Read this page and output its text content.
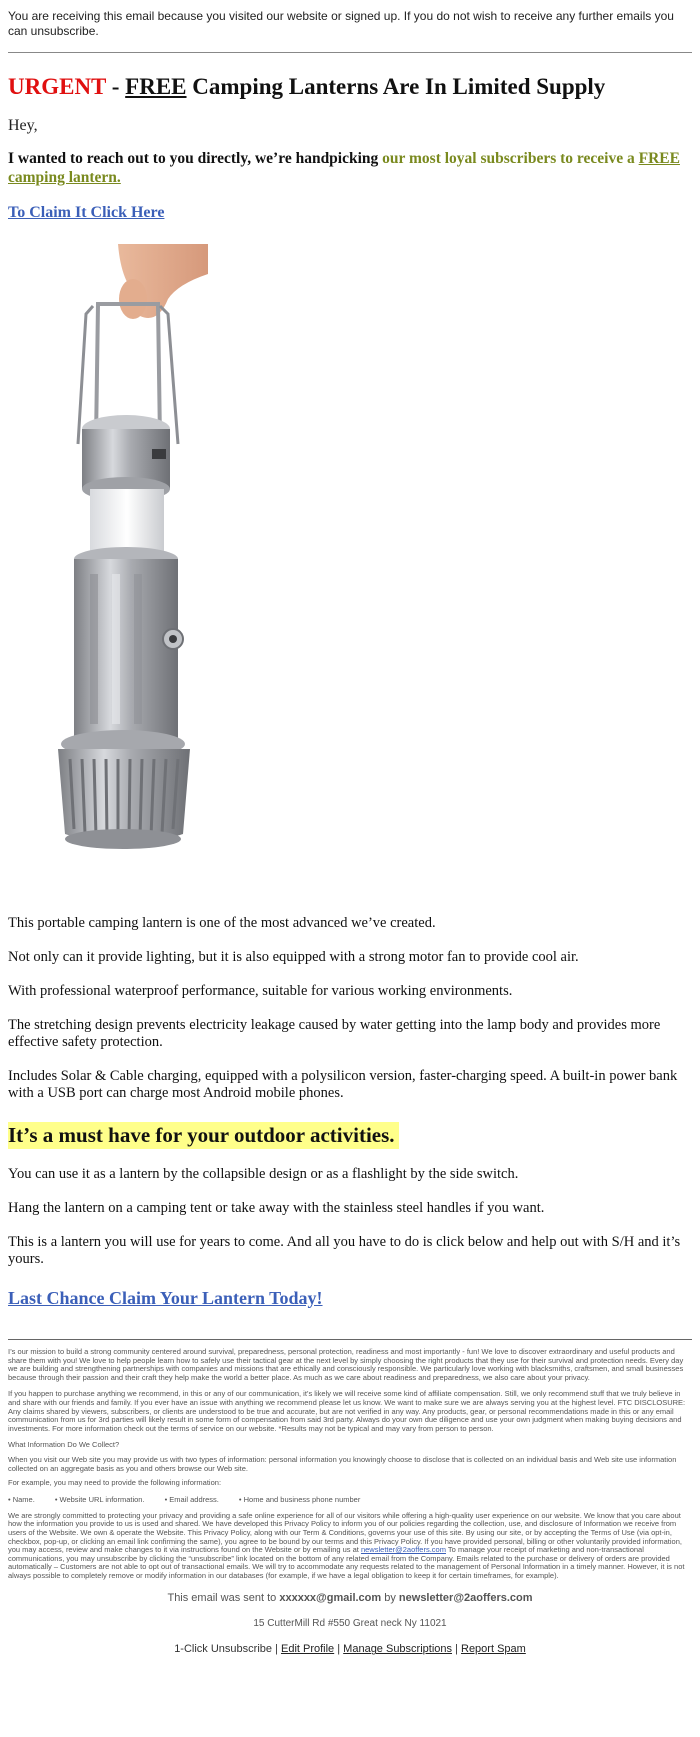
You are receiving this email because you visited our website or signed up. If you do not wish to receive any further emails you can unsubscribe.
URGENT - FREE Camping Lanterns Are In Limited Supply
Hey,
I wanted to reach out to you directly, we’re handpicking our most loyal subscribers to receive a FREE camping lantern.
To Claim It Click Here
This portable camping lantern is one of the most advanced we’ve created.
Not only can it provide lighting, but it is also equipped with a strong motor fan to provide cool air.
With professional waterproof performance, suitable for various working environments.
The stretching design prevents electricity leakage caused by water getting into the lamp body and provides more effective safety protection.
Includes Solar & Cable charging, equipped with a polysilicon version, faster-charging speed. A built-in power bank with a USB port can charge most Android mobile phones.
It’s a must have for your outdoor activities.
You can use it as a lantern by the collapsible design or as a flashlight by the side switch.
Hang the lantern on a camping tent or take away with the stainless steel handles if you want.
This is a lantern you will use for years to come. And all you have to do is click below and help out with S/H and it’s yours.
Last Chance Claim Your Lantern Today!
I’s our mission to build a strong community centered around survival, preparedness, personal protection, readiness and most importantly - fun! We love to discover extraordinary and useful products and share them with you! We love to help people learn how to safely use their tactical gear at the next level by simply choosing the right products that they use for their survival and protection needs. Every day we are building and strengthening partnerships with companies and missions that are ethically and consciously responsible. We particularly love working with blacksmiths, craftsmen, and small businesses because through their passion and their craft they help make the world a better place. As much as we care about readiness and preparedness, we also care about your privacy.
If you happen to purchase anything we recommend, in this or any of our communication, it’s likely we will receive some kind of affiliate compensation. Still, we only recommend stuff that we truly believe in and share with our friends and family. If you ever have an issue with anything we recommend please let us know. We want to make sure we are always serving you at the highest level. FTC DISCLOSURE: Any claims shared by viewers, subscribers, or clients are understood to be true and accurate, but are not verified in any way. Any products, gear, or personal recommendations made in this or any email communication from us for 3rd parties will likely result in some form of compensation from said 3rd party. Always do your own due diligence and use your own judgment when making buying decisions and investments. For more information check out the terms of service on our website. *Results may not be typical and may vary from person to person.
What Information Do We Collect?
When you visit our Web site you may provide us with two types of information: personal information you knowingly choose to disclose that is collected on an individual basis and Web site use information collected on an aggregate basis as you and others browse our Web site.
For example, you may need to provide the following information:
• Name.	• Website URL information.	• Email address.	• Home and business phone number
We are strongly committed to protecting your privacy and providing a safe online experience for all of our visitors while offering a high-quality user experience on our website. We know that you care about how the information you provide to us is used and shared. We have developed this Privacy Policy to inform you of our policies regarding the collection, use, and disclosure of Information we receive from users of the Website. We own & operate the Website. This Privacy Policy, along with our Term & Conditions, governs your use of this site. By using our site, or by accepting the Terms of Use (via opt-in, checkbox, pop-up, or clicking an email link confirming the same), you agree to be bound by our terms and this Privacy Policy. If you have provided personal, billing or other voluntarily provided information, you may access, review and make changes to it via instructions found on the Website or by emailing us at newsletter@2aoffers.com To manage your receipt of marketing and non-transactional communications, you may unsubscribe by clicking the “unsubscribe” link located on the bottom of any related email from the Company. Emails related to the purchase or delivery of orders are provided automatically – Customers are not able to opt out of transactional emails. We will try to accommodate any requests related to the management of Personal Information in a timely manner. However, it is not always possible to completely remove or modify information in our databases (for example, if we have a legal obligation to keep it for certain timeframes, for example).
This email was sent to xxxxxx@gmail.com by newsletter@2aoffers.com
15 CutterMill Rd #550 Great neck Ny 11021
1-Click Unsubscribe | Edit Profile | Manage Subscriptions | Report Spam
